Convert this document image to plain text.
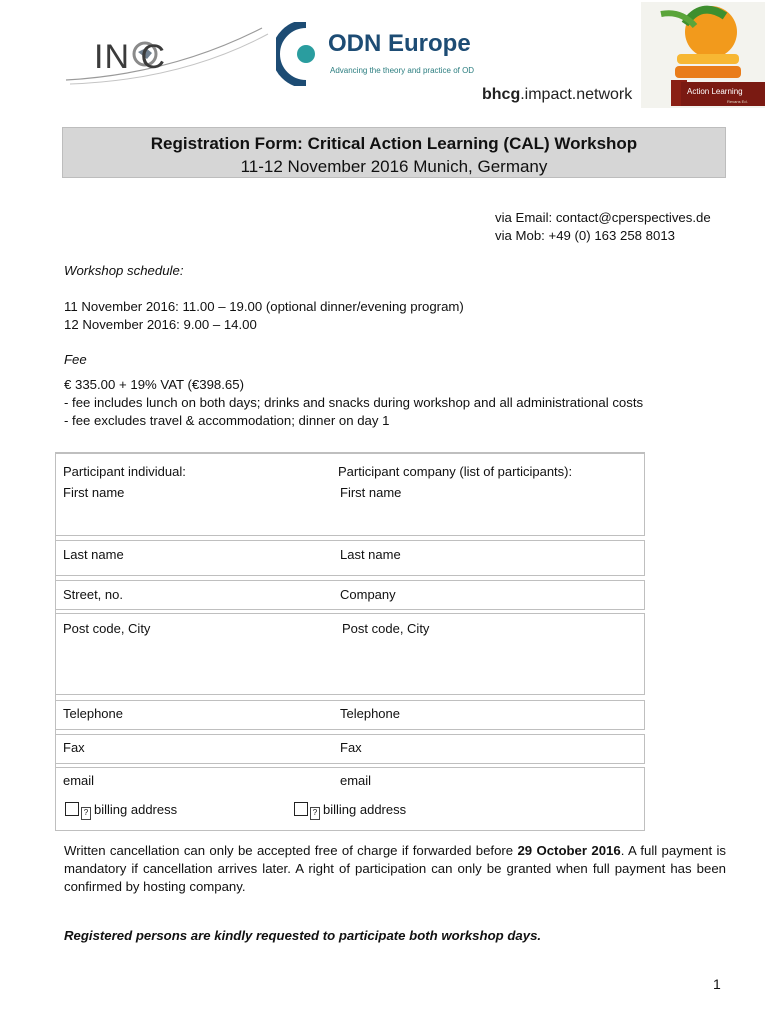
IN C	ODN Europe
Advancing the theory and practice of OD
bhcg.impact.network	Action Learning
Revans Ed.
Registration Form: Critical Action Learning (CAL) Workshop
11-12 November 2016 Munich, Germany
via Email: contact@cperspectives.de
via Mob: +49 (0) 163 258 8013
Workshop schedule:
11 November 2016: 11.00 – 19.00 (optional dinner/evening program)
12 November 2016: 9.00 – 14.00
Fee
€ 335.00 + 19% VAT (€398.65)
- fee includes lunch on both days; drinks and snacks during workshop and all administrational costs
- fee excludes travel & accommodation; dinner on day 1
Participant individual:	Participant company (list of participants):
First name	First name
Last name	Last name
Street, no.	Company
Post code, City	Post code, City
Telephone	Telephone
Fax	Fax
email	email
? billing address	? billing address
Written cancellation can only be accepted free of charge if forwarded before 29 October 2016. A full payment is mandatory if cancellation arrives later. A right of participation can only be granted when full payment has been confirmed by hosting company.
Registered persons are kindly requested to participate both workshop days.
1
